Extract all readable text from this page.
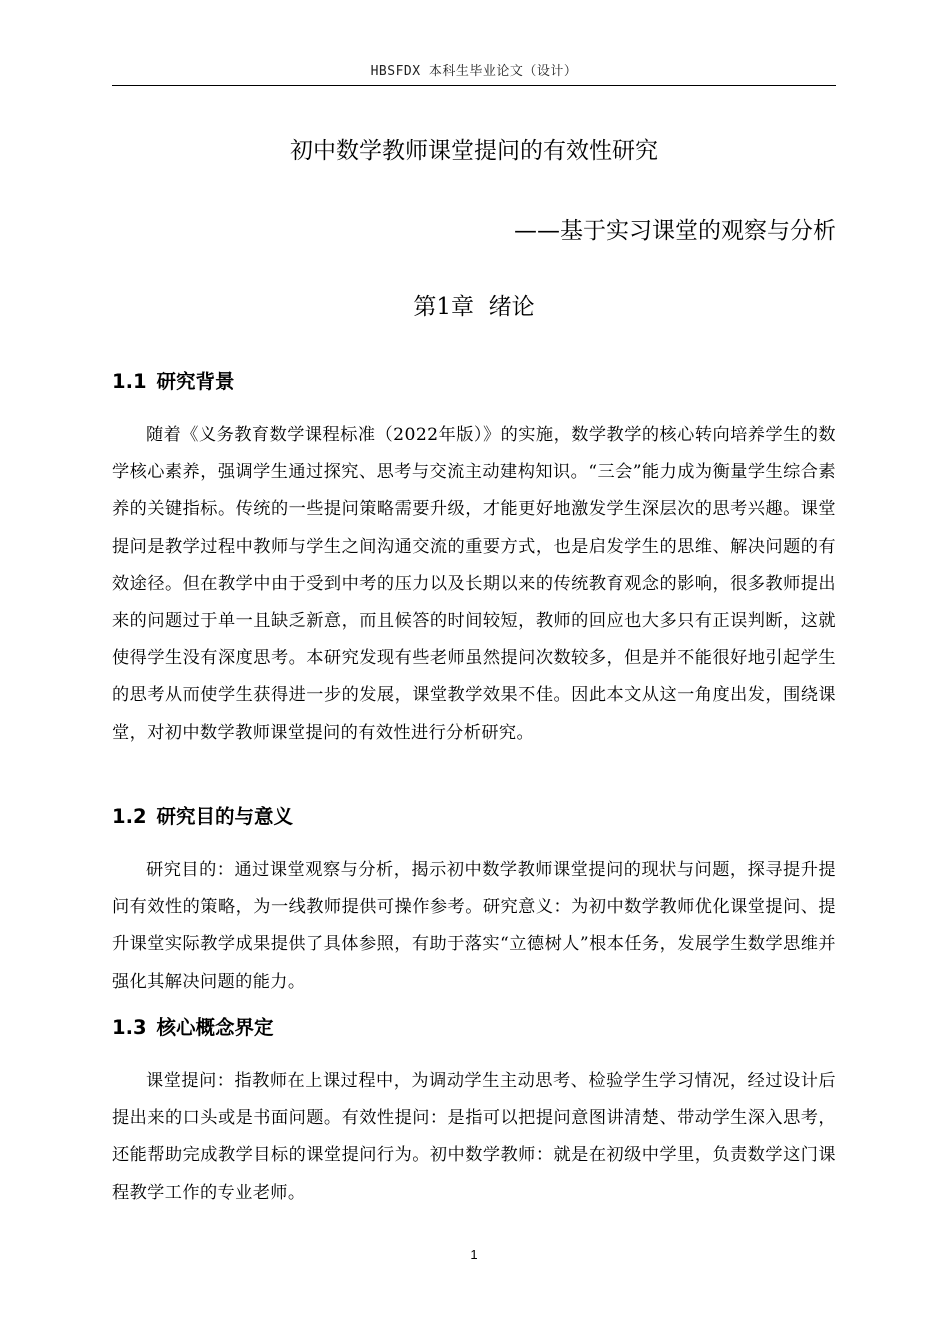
HBSFDX 本科生毕业论文（设计）
初中数学教师课堂提问的有效性研究
——基于实习课堂的观察与分析
第1章  绪论
1.1 研究背景

随着《义务教育数学课程标准（2022年版）》的实施，数学教学的核心转向培养学生的数学核心素养，强调学生通过探究、思考与交流主动建构知识。“三会”能力成为衡量学生综合素养的关键指标。传统的一些提问策略需要升级，才能更好地激发学生深层次的思考兴趣。课堂提问是教学过程中教师与学生之间沟通交流的重要方式，也是启发学生的思维、解决问题的有效途径。但在教学中由于受到中考的压力以及长期以来的传统教育观念的影响，很多教师提出来的问题过于单一且缺乏新意，而且候答的时间较短，教师的回应也大多只有正误判断，这就使得学生没有深度思考。本研究发现有些老师虽然提问次数较多，但是并不能很好地引起学生的思考从而使学生获得进一步的发展，课堂教学效果不佳。因此本文从这一角度出发，围绕课堂，对初中数学教师课堂提问的有效性进行分析研究。

1.2 研究目的与意义

研究目的：通过课堂观察与分析，揭示初中数学教师课堂提问的现状与问题，探寻提升提问有效性的策略，为一线教师提供可操作参考。研究意义：为初中数学教师优化课堂提问、提升课堂实际教学成果提供了具体参照，有助于落实“立德树人”根本任务，发展学生数学思维并强化其解决问题的能力。

1.3 核心概念界定

课堂提问：指教师在上课过程中，为调动学生主动思考、检验学生学习情况，经过设计后提出来的口头或是书面问题。有效性提问：是指可以把提问意图讲清楚、带动学生深入思考，还能帮助完成教学目标的课堂提问行为。初中数学教师：就是在初级中学里，负责数学这门课程教学工作的专业老师。

1
